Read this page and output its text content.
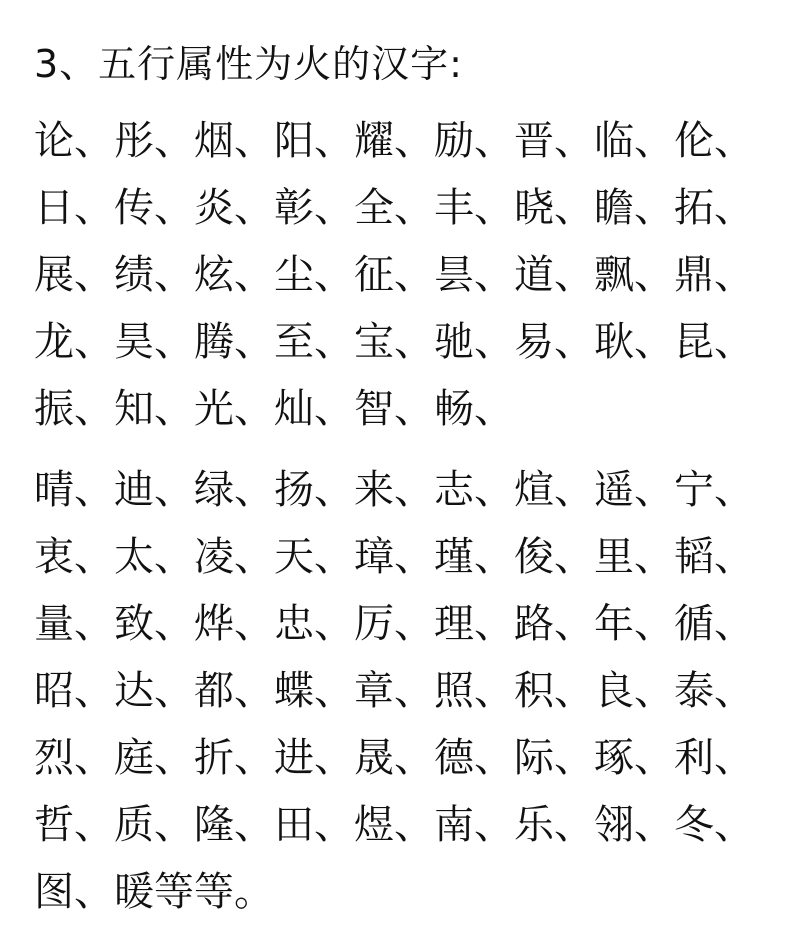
3、五行属性为火的汉字:
论、彤、烟、阳、耀、励、晋、临、伦、
日、传、炎、彰、全、丰、晓、瞻、拓、
展、绩、炫、尘、征、昙、道、飘、鼎、
龙、昊、腾、至、宝、驰、易、耿、昆、
振、知、光、灿、智、畅、
晴、迪、绿、扬、来、志、煊、遥、宁、
衷、太、凌、天、璋、瑾、俊、里、韬、
量、致、烨、忠、厉、理、路、年、循、
昭、达、都、蝶、章、照、积、良、泰、
烈、庭、折、进、晟、德、际、琢、利、
哲、质、隆、田、煜、南、乐、翎、冬、
图、暖等等。
